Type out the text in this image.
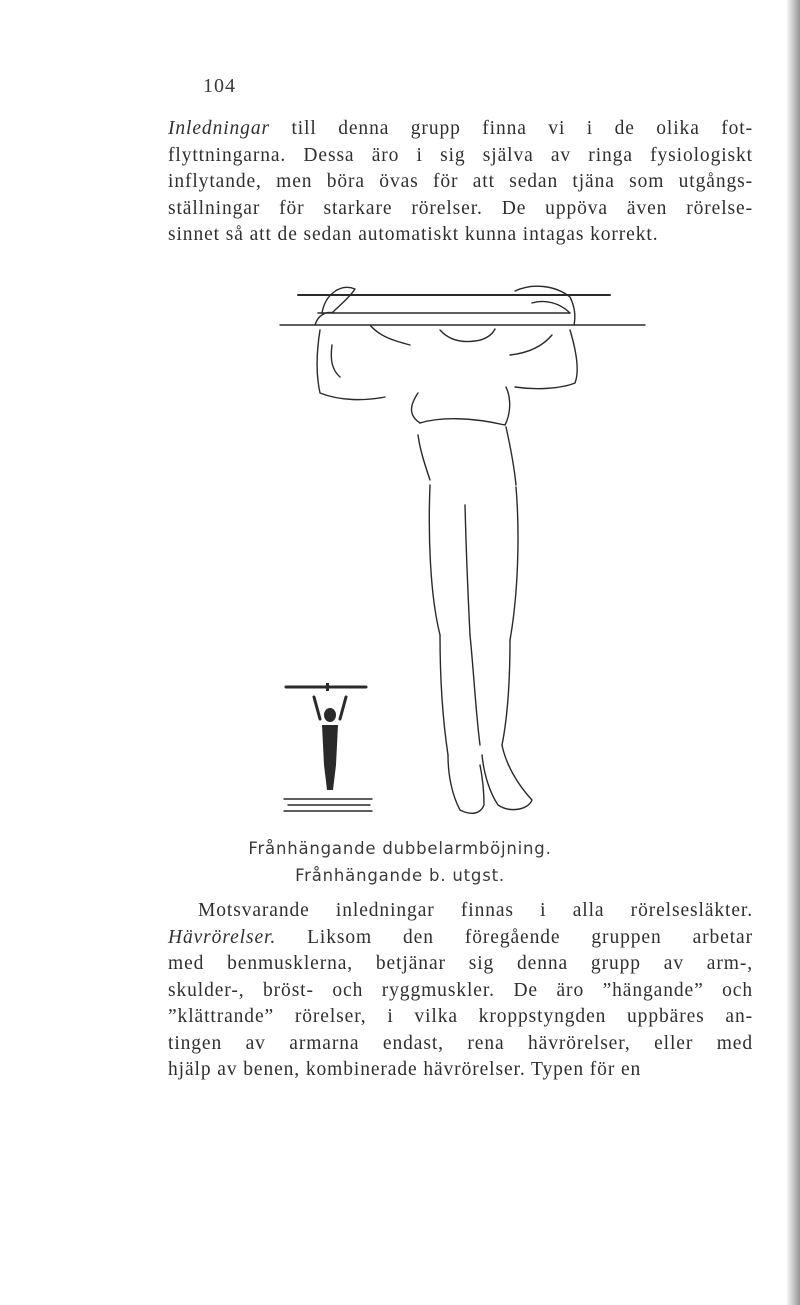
104
Inledningar till denna grupp finna vi i de olika fot-
flyttningarna. Dessa äro i sig själva av ringa fysiologiskt
inflytande, men böra övas för att sedan tjäna som utgångs-
ställningar för starkare rörelser. De uppöva även rörelse-
sinnet så att de sedan automatiskt kunna intagas korrekt.
Frånhängande dubbelarmböjning.
Frånhängande b. utgst.
Motsvarande inledningar finnas i alla rörelsesläkter.
Hävrörelser. Liksom den föregående gruppen arbetar
med benmusklerna, betjänar sig denna grupp av arm-,
skulder-, bröst- och ryggmuskler. De äro ”hängande” och
”klättrande” rörelser, i vilka kroppstyngden uppbäres an-
tingen av armarna endast, rena hävrörelser, eller med
hjälp av benen, kombinerade hävrörelser. Typen för en
